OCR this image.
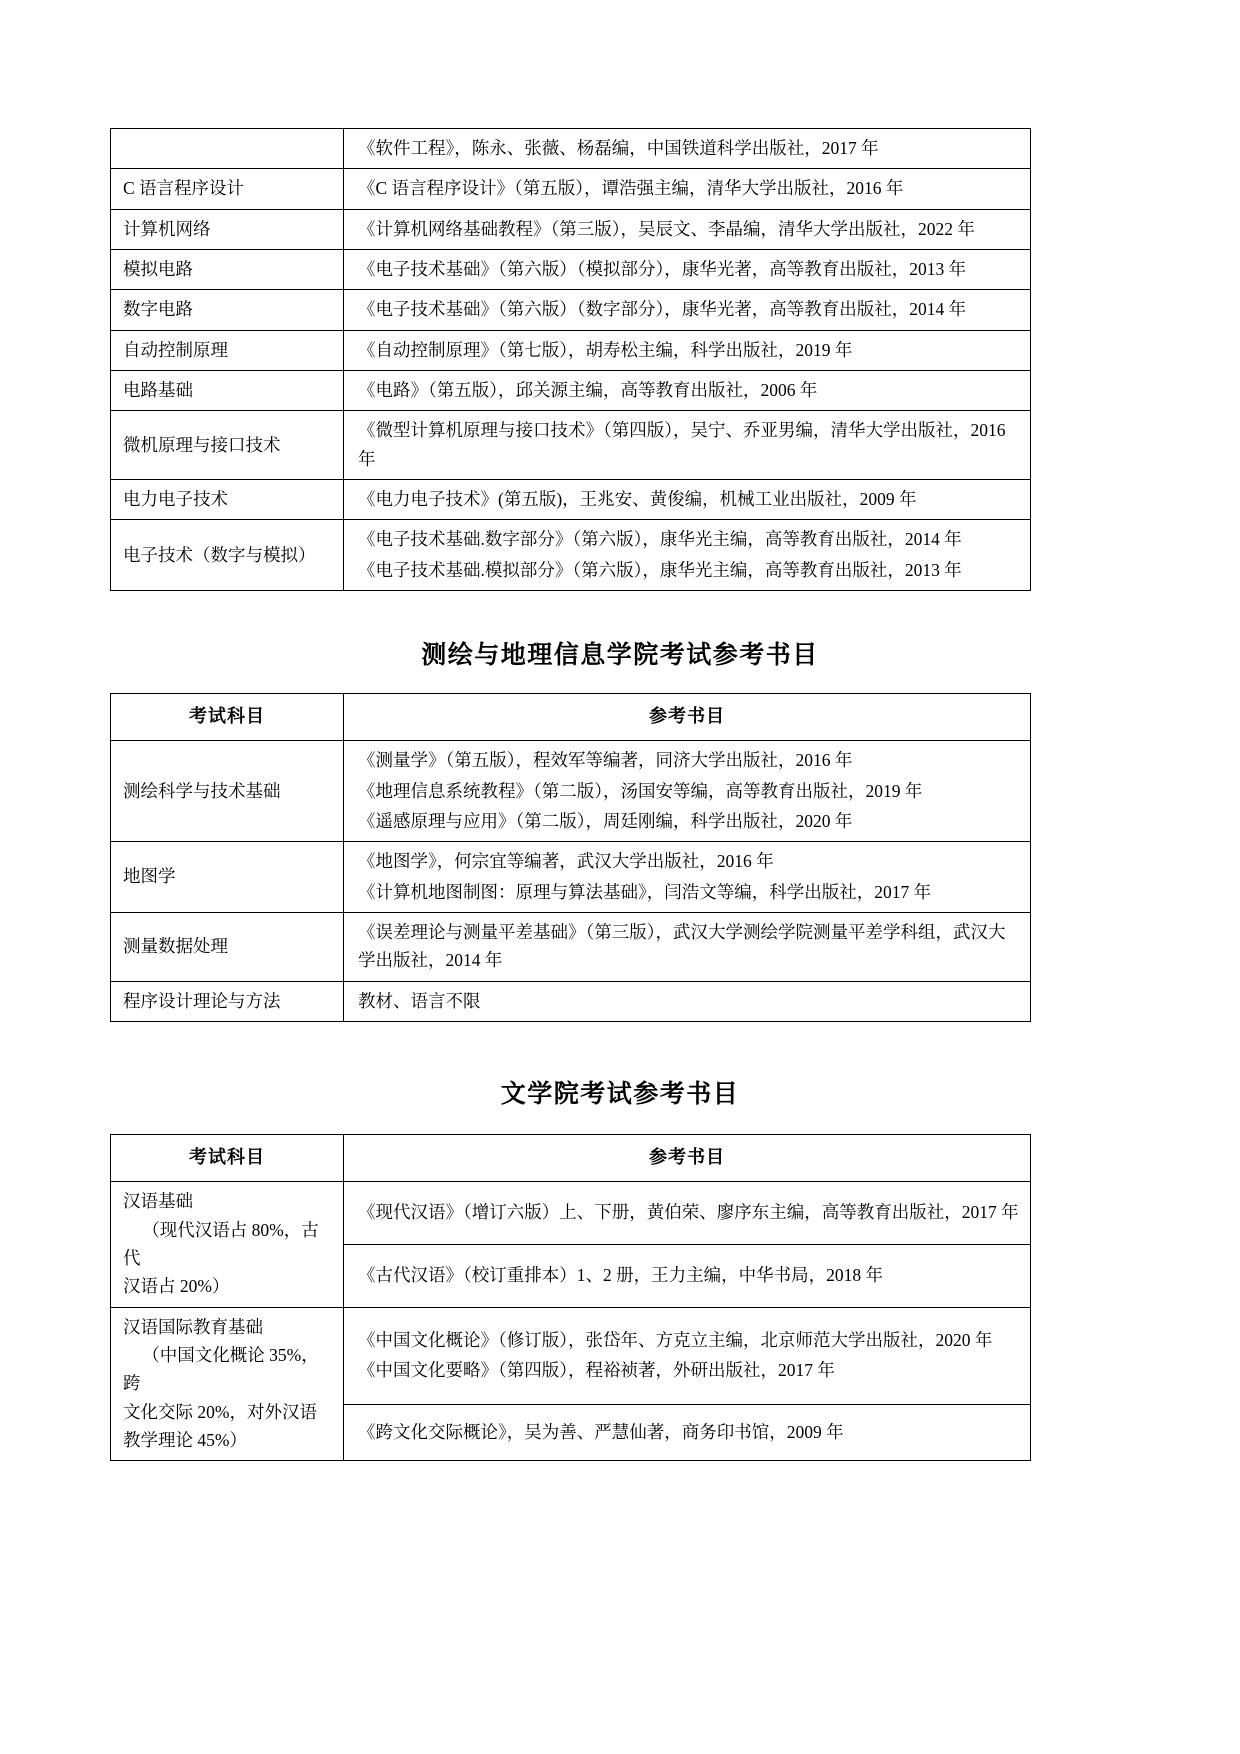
	《软件工程》，陈永、张薇、杨磊编，中国铁道科学出版社，2017 年

C 语言程序设计	《C 语言程序设计》（第五版），谭浩强主编，清华大学出版社，2016 年

计算机网络	《计算机网络基础教程》（第三版），吴辰文、李晶编，清华大学出版社，2022 年

模拟电路	《电子技术基础》（第六版）（模拟部分），康华光著，高等教育出版社，2013 年

数字电路	《电子技术基础》（第六版）（数字部分），康华光著，高等教育出版社，2014 年

自动控制原理	《自动控制原理》（第七版），胡寿松主编，科学出版社，2019 年

电路基础	《电路》（第五版），邱关源主编，高等教育出版社，2006 年

微机原理与接口技术	《微型计算机原理与接口技术》（第四版），吴宁、乔亚男编，清华大学出版社，2016 年

电力电子技术	《电力电子技术》(第五版)，王兆安、黄俊编，机械工业出版社，2009 年

电子技术（数字与模拟）	《电子技术基础.数字部分》（第六版），康华光主编，高等教育出版社，2014 年
《电子技术基础.模拟部分》（第六版），康华光主编，高等教育出版社，2013 年
测绘与地理信息学院考试参考书目
考试科目	参考书目
测绘科学与技术基础	《测量学》（第五版），程效军等编著，同济大学出版社，2016 年
《地理信息系统教程》（第二版），汤国安等编，高等教育出版社，2019 年
《遥感原理与应用》（第二版），周廷刚编，科学出版社，2020 年

地图学	《地图学》，何宗宜等编著，武汉大学出版社，2016 年
《计算机地图制图：原理与算法基础》，闫浩文等编，科学出版社，2017 年

测量数据处理	《误差理论与测量平差基础》（第三版），武汉大学测绘学院测量平差学科组，武汉大学出版社，2014 年

程序设计理论与方法	教材、语言不限
文学院考试参考书目
考试科目	参考书目
汉语基础
（现代汉语占 80%，古代
汉语占 20%）	《现代汉语》（增订六版）上、下册，黄伯荣、廖序东主编，高等教育出版社，2017 年

	《古代汉语》（校订重排本）1、2 册，王力主编，中华书局，2018 年

汉语国际教育基础
（中国文化概论 35%，跨
文化交际 20%，对外汉语 教学理论 45%）	《中国文化概论》（修订版），张岱年、方克立主编，北京师范大学出版社，2020 年
《中国文化要略》（第四版），程裕祯著，外研出版社，2017 年

	《跨文化交际概论》，吴为善、严慧仙著，商务印书馆，2009 年
